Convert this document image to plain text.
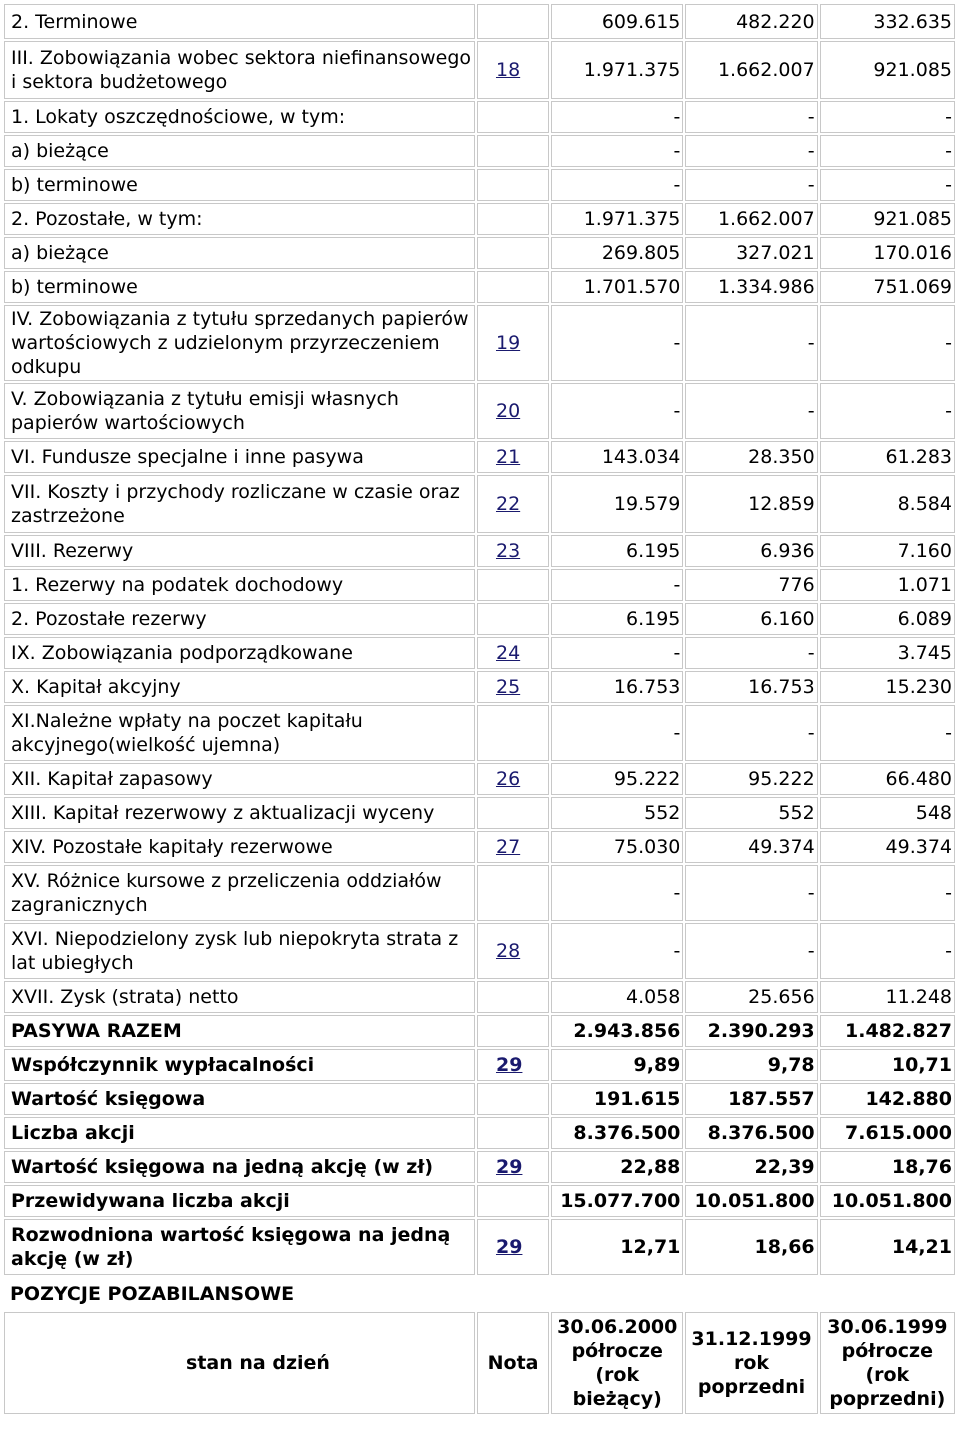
2. Terminowe		609.615	482.220	332.635
III. Zobowiązania wobec sektora niefinansowego i sektora budżetowego	18	1.971.375	1.662.007	921.085
1. Lokaty oszczędnościowe, w tym:		-	-	-
a) bieżące		-	-	-
b) terminowe		-	-	-
2. Pozostałe, w tym:		1.971.375	1.662.007	921.085
a) bieżące		269.805	327.021	170.016
b) terminowe		1.701.570	1.334.986	751.069
IV. Zobowiązania z tytułu sprzedanych papierów wartościowych z udzielonym przyrzeczeniem odkupu	19	-	-	-
V. Zobowiązania z tytułu emisji własnych papierów wartościowych	20	-	-	-
VI. Fundusze specjalne i inne pasywa	21	143.034	28.350	61.283
VII. Koszty i przychody rozliczane w czasie oraz zastrzeżone	22	19.579	12.859	8.584
VIII. Rezerwy	23	6.195	6.936	7.160
1. Rezerwy na podatek dochodowy		-	776	1.071
2. Pozostałe rezerwy		6.195	6.160	6.089
IX. Zobowiązania podporządkowane	24	-	-	3.745
X. Kapitał akcyjny	25	16.753	16.753	15.230
XI.Należne wpłaty na poczet kapitału akcyjnego(wielkość ujemna)		-	-	-
XII. Kapitał zapasowy	26	95.222	95.222	66.480
XIII. Kapitał rezerwowy z aktualizacji wyceny		552	552	548
XIV. Pozostałe kapitały rezerwowe	27	75.030	49.374	49.374
XV. Różnice kursowe z przeliczenia oddziałów zagranicznych		-	-	-
XVI. Niepodzielony zysk lub niepokryta strata z lat ubiegłych	28	-	-	-
XVII. Zysk (strata) netto		4.058	25.656	11.248
PASYWA RAZEM		2.943.856	2.390.293	1.482.827
Współczynnik wypłacalności	29	9,89	9,78	10,71
Wartość księgowa		191.615	187.557	142.880
Liczba akcji		8.376.500	8.376.500	7.615.000
Wartość księgowa na jedną akcję (w zł)	29	22,88	22,39	18,76
Przewidywana liczba akcji		15.077.700	10.051.800	10.051.800
Rozwodniona wartość księgowa na jedną akcję (w zł)	29	12,71	18,66	14,21
POZYCJE POZABILANSOWE				
stan na dzień	Nota	30.06.2000 półrocze (rok bieżący)	31.12.1999 rok poprzedni	30.06.1999 półrocze (rok poprzedni)
